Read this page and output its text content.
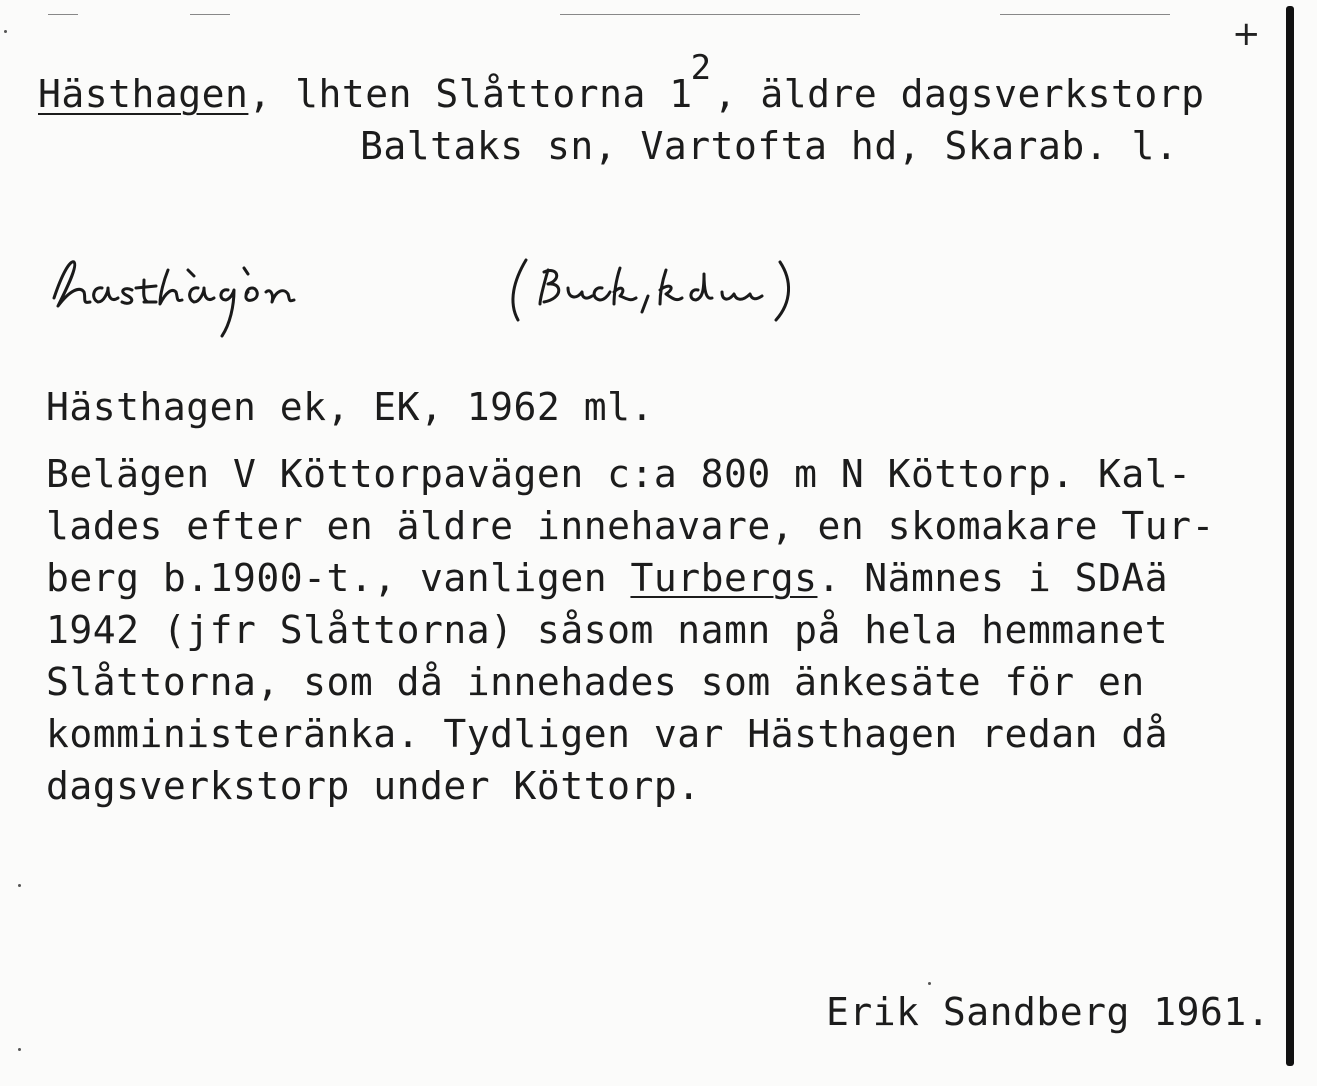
+
Hästhagen, lhten Slåttorna 12, äldre dagsverkstorp
Baltaks sn, Vartofta hd, Skarab. l.
Hästhagen ek, EK, 1962 ml.
Belägen V Köttorpavägen c:a 800 m N Köttorp. Kal-
lades efter en äldre innehavare, en skomakare Tur-
berg b.1900-t., vanligen Turbergs. Nämnes i SDAä
1942 (jfr Slåttorna) såsom namn på hela hemmanet
Slåttorna, som då innehades som änkesäte för en
komministeränka. Tydligen var Hästhagen redan då
dagsverkstorp under Köttorp.
Erik Sandberg 1961.
